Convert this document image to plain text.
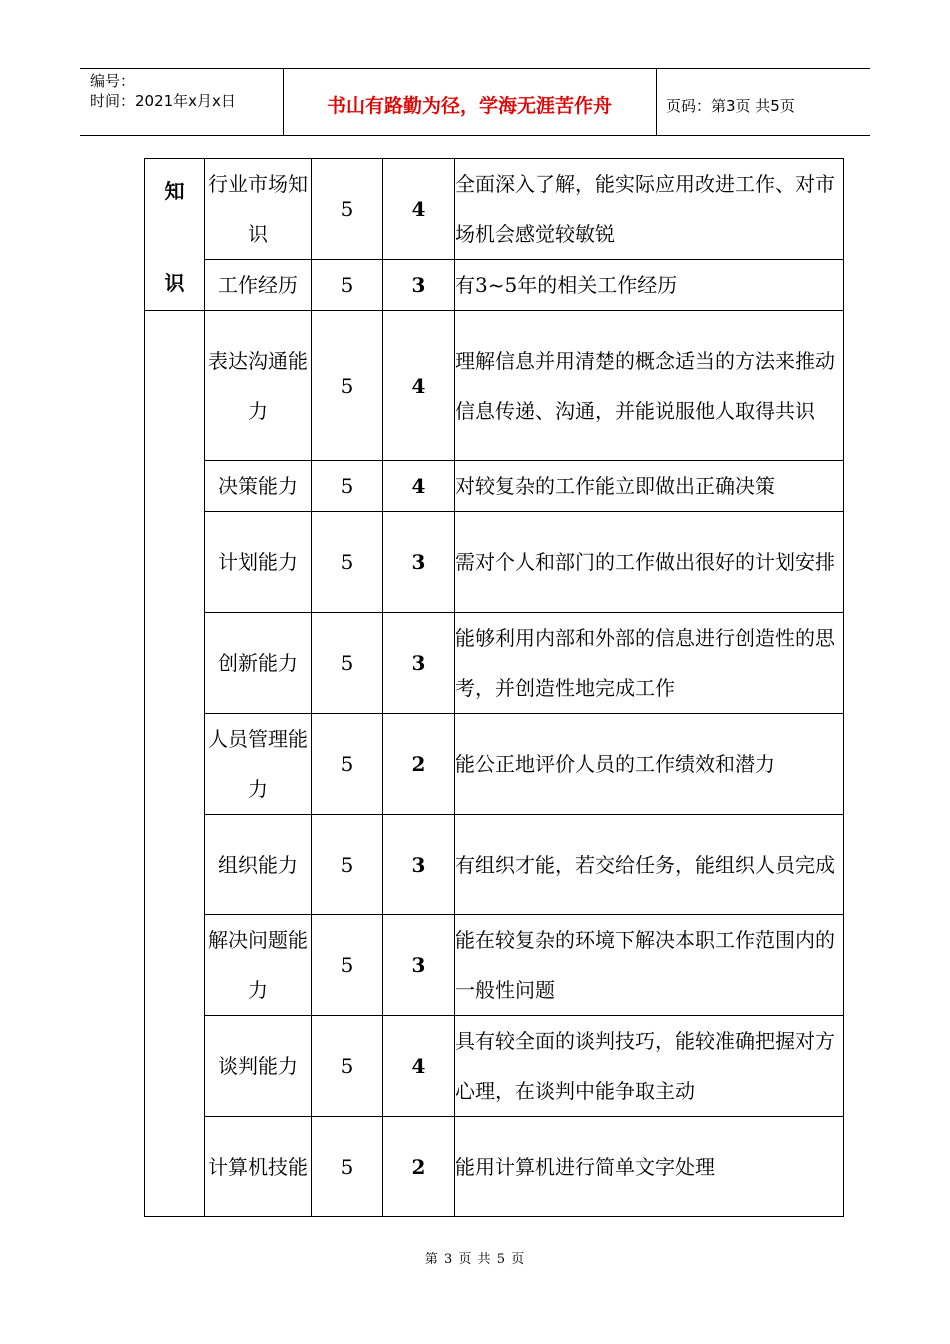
编号：
时间：2021年x月x日	书山有路勤为径，学海无涯苦作舟	页码：第3页 共5页
知
识	行业市场知识	5	4	全面深入了解，能实际应用改进工作、对市场机会感觉较敏锐
	工作经历	5	3	有3~5年的相关工作经历
	表达沟通能力	5	4	理解信息并用清楚的概念适当的方法来推动信息传递、沟通，并能说服他人取得共识
	决策能力	5	4	对较复杂的工作能立即做出正确决策
	计划能力	5	3	需对个人和部门的工作做出很好的计划安排
	创新能力	5	3	能够利用内部和外部的信息进行创造性的思考，并创造性地完成工作
	人员管理能力	5	2	能公正地评价人员的工作绩效和潜力
	组织能力	5	3	有组织才能，若交给任务，能组织人员完成
	解决问题能力	5	3	能在较复杂的环境下解决本职工作范围内的一般性问题
	谈判能力	5	4	具有较全面的谈判技巧，能较准确把握对方心理，在谈判中能争取主动
	计算机技能	5	2	能用计算机进行简单文字处理
第 3 页 共 5 页
